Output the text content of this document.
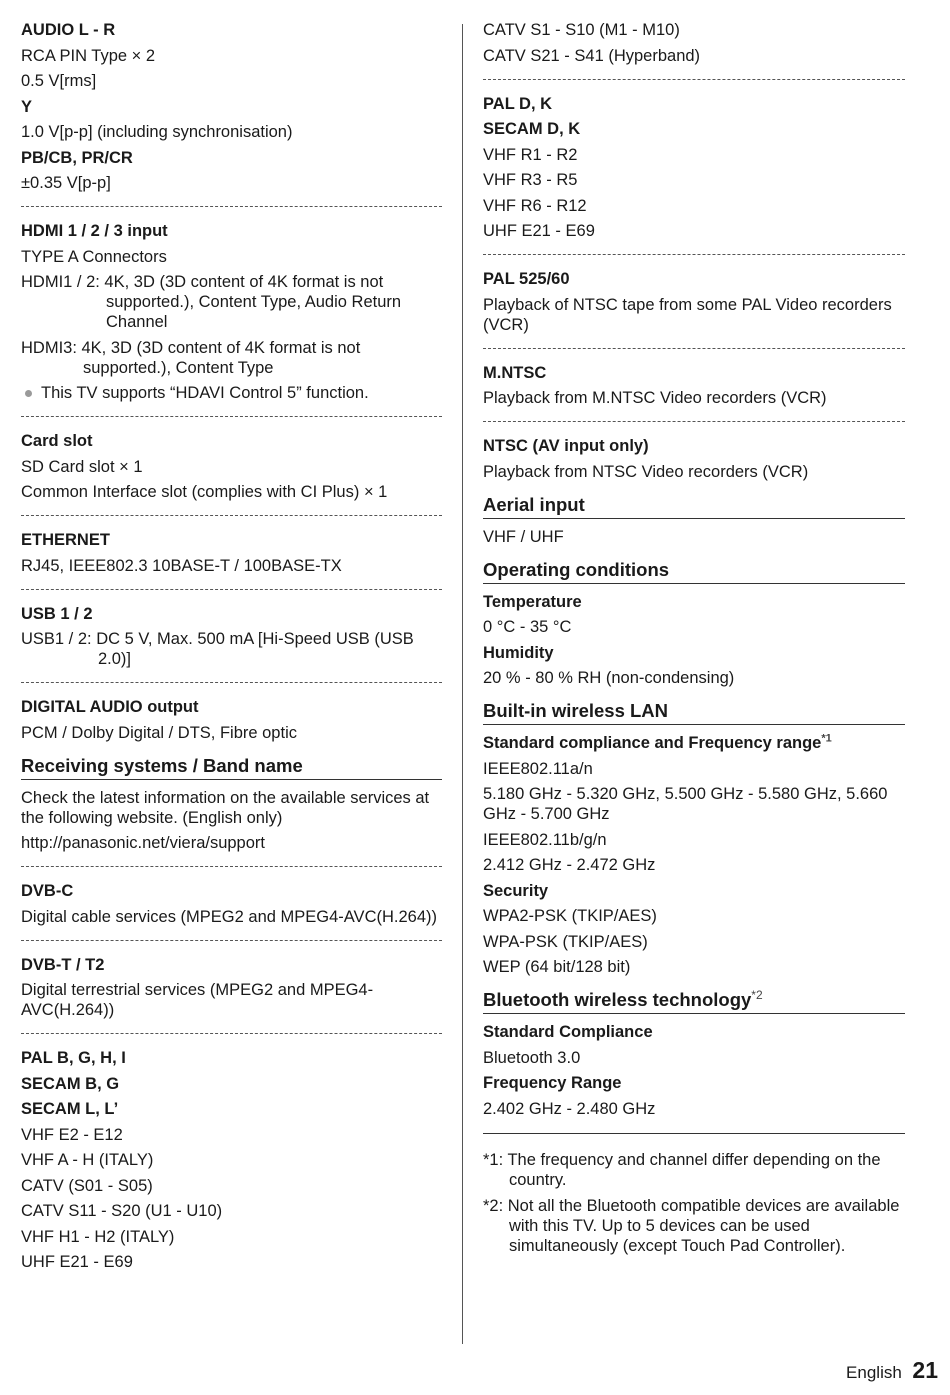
AUDIO L - R
RCA PIN Type × 2
0.5 V[rms]
Y
1.0 V[p-p] (including synchronisation)
PB/CB, PR/CR
±0.35 V[p-p]
HDMI 1 / 2 / 3 input
TYPE A Connectors
HDMI1 / 2: 4K, 3D (3D content of 4K format is not supported.), Content Type, Audio Return Channel
HDMI3: 4K, 3D (3D content of 4K format is not supported.), Content Type
This TV supports “HDAVI Control 5” function.
Card slot
SD Card slot × 1
Common Interface slot (complies with CI Plus) × 1
ETHERNET
RJ45, IEEE802.3 10BASE-T / 100BASE-TX
USB 1 / 2
USB1 / 2: DC 5 V, Max. 500 mA [Hi-Speed USB (USB 2.0)]
DIGITAL AUDIO output
PCM / Dolby Digital / DTS, Fibre optic
Receiving systems / Band name
Check the latest information on the available services at the following website. (English only)
http://panasonic.net/viera/support
DVB-C
Digital cable services (MPEG2 and MPEG4-AVC(H.264))
DVB-T / T2
Digital terrestrial services (MPEG2 and MPEG4-AVC(H.264))
PAL B, G, H, I
SECAM B, G
SECAM L, L’
VHF E2 - E12
VHF A - H (ITALY)
CATV (S01 - S05)
CATV S11 - S20 (U1 - U10)
VHF H1 - H2 (ITALY)
UHF E21 - E69
CATV S1 - S10 (M1 - M10)
CATV S21 - S41 (Hyperband)
PAL D, K
SECAM D, K
VHF R1 - R2
VHF R3 - R5
VHF R6 - R12
UHF E21 - E69
PAL 525/60
Playback of NTSC tape from some PAL Video recorders (VCR)
M.NTSC
Playback from M.NTSC Video recorders (VCR)
NTSC (AV input only)
Playback from NTSC Video recorders (VCR)
Aerial input
VHF / UHF
Operating conditions
Temperature
0 °C - 35 °C
Humidity
20 % - 80 % RH (non-condensing)
Built-in wireless LAN
Standard compliance and Frequency range$^{*1}$
IEEE802.11a/n
5.180 GHz - 5.320 GHz, 5.500 GHz - 5.580 GHz, 5.660 GHz - 5.700 GHz
IEEE802.11b/g/n
2.412 GHz - 2.472 GHz
Security
WPA2-PSK (TKIP/AES)
WPA-PSK (TKIP/AES)
WEP (64 bit/128 bit)
Bluetooth wireless technology$^{*2}$
Standard Compliance
Bluetooth 3.0
Frequency Range
2.402 GHz - 2.480 GHz
*1: The frequency and channel differ depending on the country.
*2: Not all the Bluetooth compatible devices are available with this TV. Up to 5 devices can be used simultaneously (except Touch Pad Controller).
English 21
